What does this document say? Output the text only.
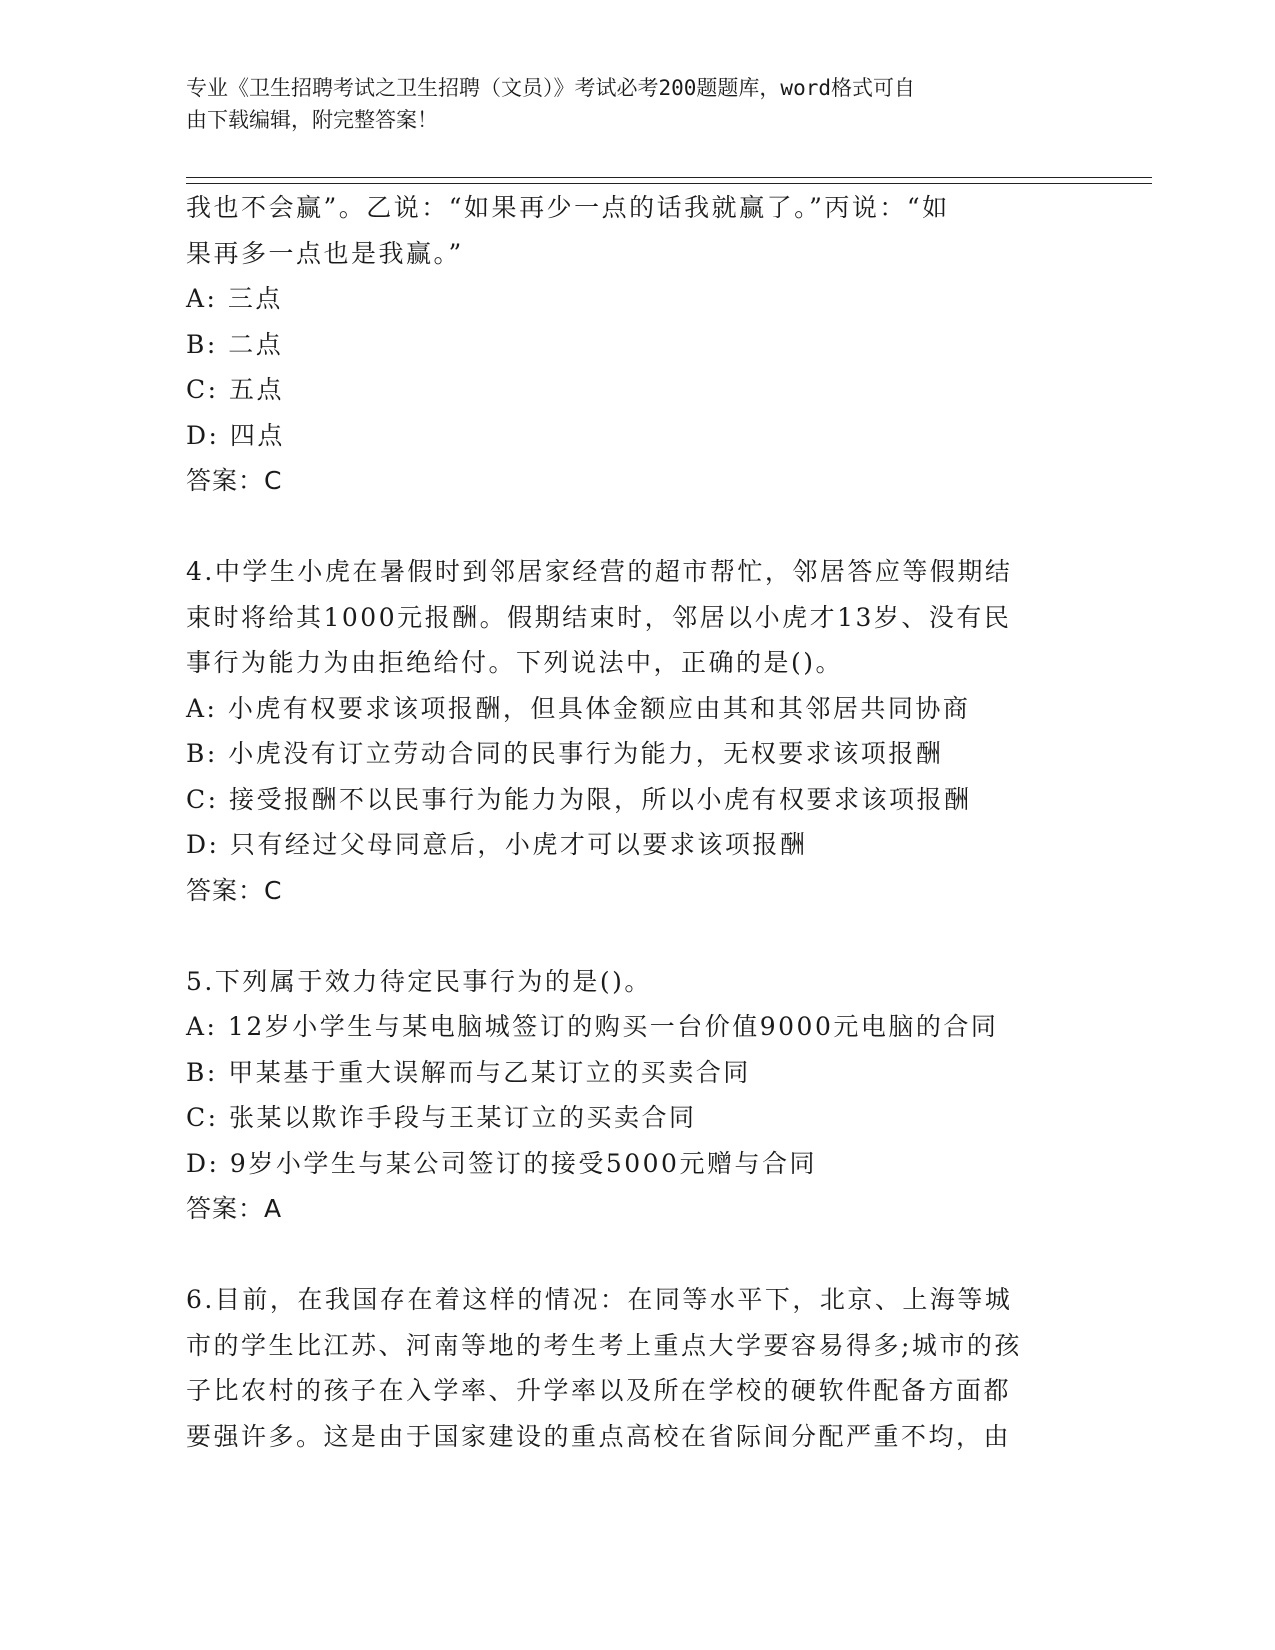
专业《卫生招聘考试之卫生招聘（文员）》考试必考200题题库，word格式可自
由下载编辑，附完整答案！
我也不会赢”。乙说：“如果再少一点的话我就赢了。”丙说：“如
果再多一点也是我赢。”
A: 三点
B: 二点
C: 五点
D: 四点
答案：C
4.中学生小虎在暑假时到邻居家经营的超市帮忙，邻居答应等假期结
束时将给其1000元报酬。假期结束时，邻居以小虎才13岁、没有民
事行为能力为由拒绝给付。下列说法中，正确的是()。
A: 小虎有权要求该项报酬，但具体金额应由其和其邻居共同协商
B: 小虎没有订立劳动合同的民事行为能力，无权要求该项报酬
C: 接受报酬不以民事行为能力为限，所以小虎有权要求该项报酬
D: 只有经过父母同意后，小虎才可以要求该项报酬
答案：C
5.下列属于效力待定民事行为的是()。
A: 12岁小学生与某电脑城签订的购买一台价值9000元电脑的合同
B: 甲某基于重大误解而与乙某订立的买卖合同
C: 张某以欺诈手段与王某订立的买卖合同
D: 9岁小学生与某公司签订的接受5000元赠与合同
答案：A
6.目前，在我国存在着这样的情况：在同等水平下，北京、上海等城
市的学生比江苏、河南等地的考生考上重点大学要容易得多;城市的孩
子比农村的孩子在入学率、升学率以及所在学校的硬软件配备方面都
要强许多。这是由于国家建设的重点高校在省际间分配严重不均，由
